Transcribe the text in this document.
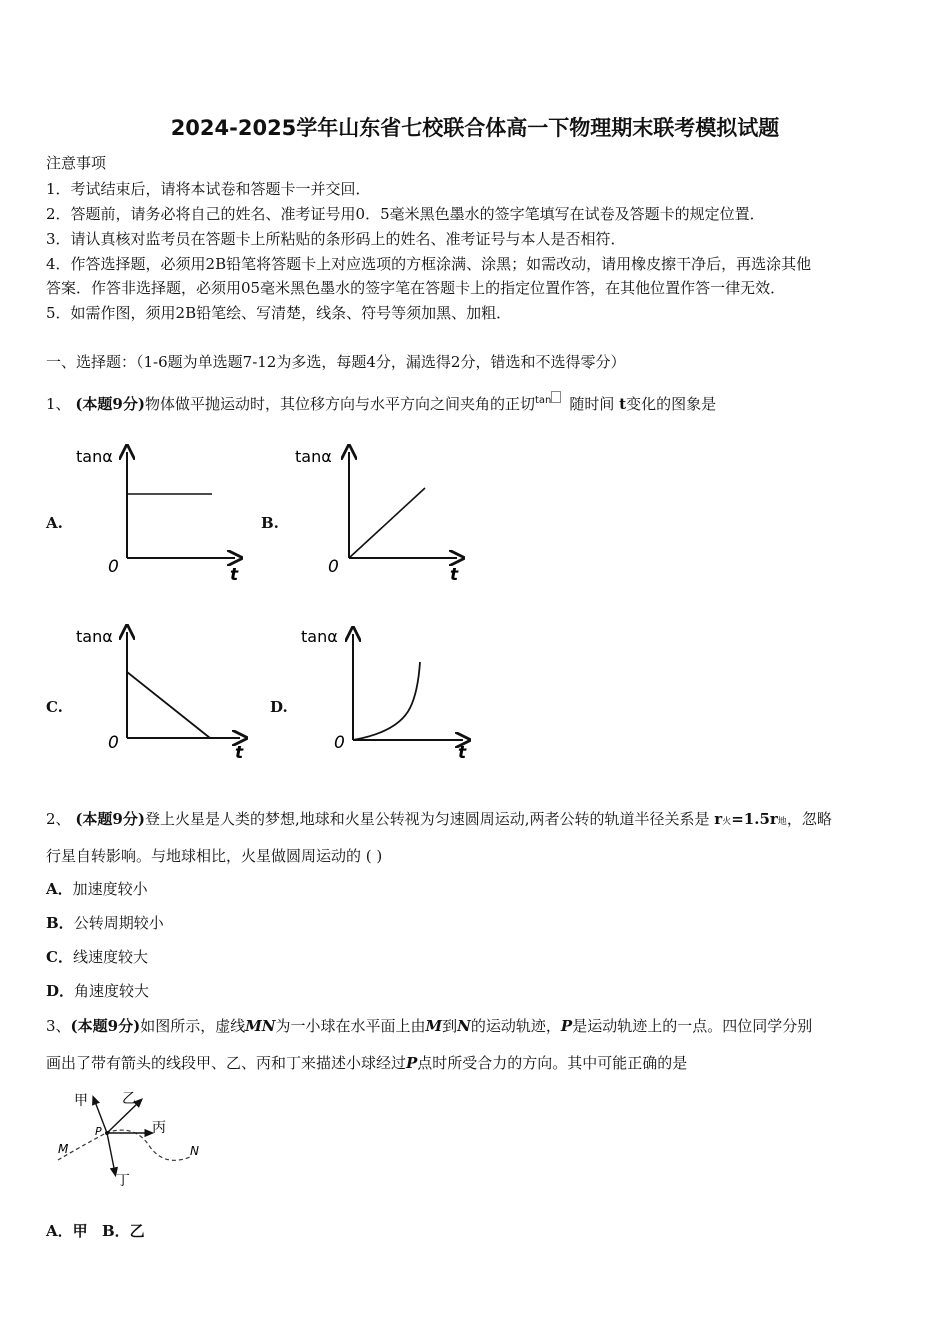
2024-2025学年山东省七校联合体高一下物理期末联考模拟试题
注意事项
1．考试结束后，请将本试卷和答题卡一并交回．
2．答题前，请务必将自己的姓名、准考证号用0．5毫米黑色墨水的签字笔填写在试卷及答题卡的规定位置．
3．请认真核对监考员在答题卡上所粘贴的条形码上的姓名、准考证号与本人是否相符．
4．作答选择题，必须用2B铅笔将答题卡上对应选项的方框涂满、涂黑；如需改动，请用橡皮擦干净后，再选涂其他
答案．作答非选择题，必须用05毫米黑色墨水的签字笔在答题卡上的指定位置作答，在其他位置作答一律无效．
5．如需作图，须用2B铅笔绘、写清楚，线条、符号等须加黑、加粗．
一、选择题：（1-6题为单选题7-12为多选，每题4分，漏选得2分，错选和不选得零分）
1、 (本题9分)物体做平抛运动时，其位移方向与水平方向之间夹角的正切$^{tan}$ 随时间 t变化的图象是
A.	B.
C.	D.
tanα
0	t
tanα
0	t
tanα
0	t
tanα
0	t
2、 (本题9分)登上火星是人类的梦想,地球和火星公转视为匀速圆周运动,两者公转的轨道半径关系是 r火=1.5r地，忽略
行星自转影响。与地球相比，火星做圆周运动的 ( )
A．加速度较小
B．公转周期较小
C．线速度较大
D．角速度较大
3、(本题9分)如图所示，虚线MN为一小球在水平面上由M到N的运动轨迹，P是运动轨迹上的一点。四位同学分别
画出了带有箭头的线段甲、乙、丙和丁来描述小球经过P点时所受合力的方向。其中可能正确的是
甲 乙
丙
丁
M	N
P
A．甲 B．乙
